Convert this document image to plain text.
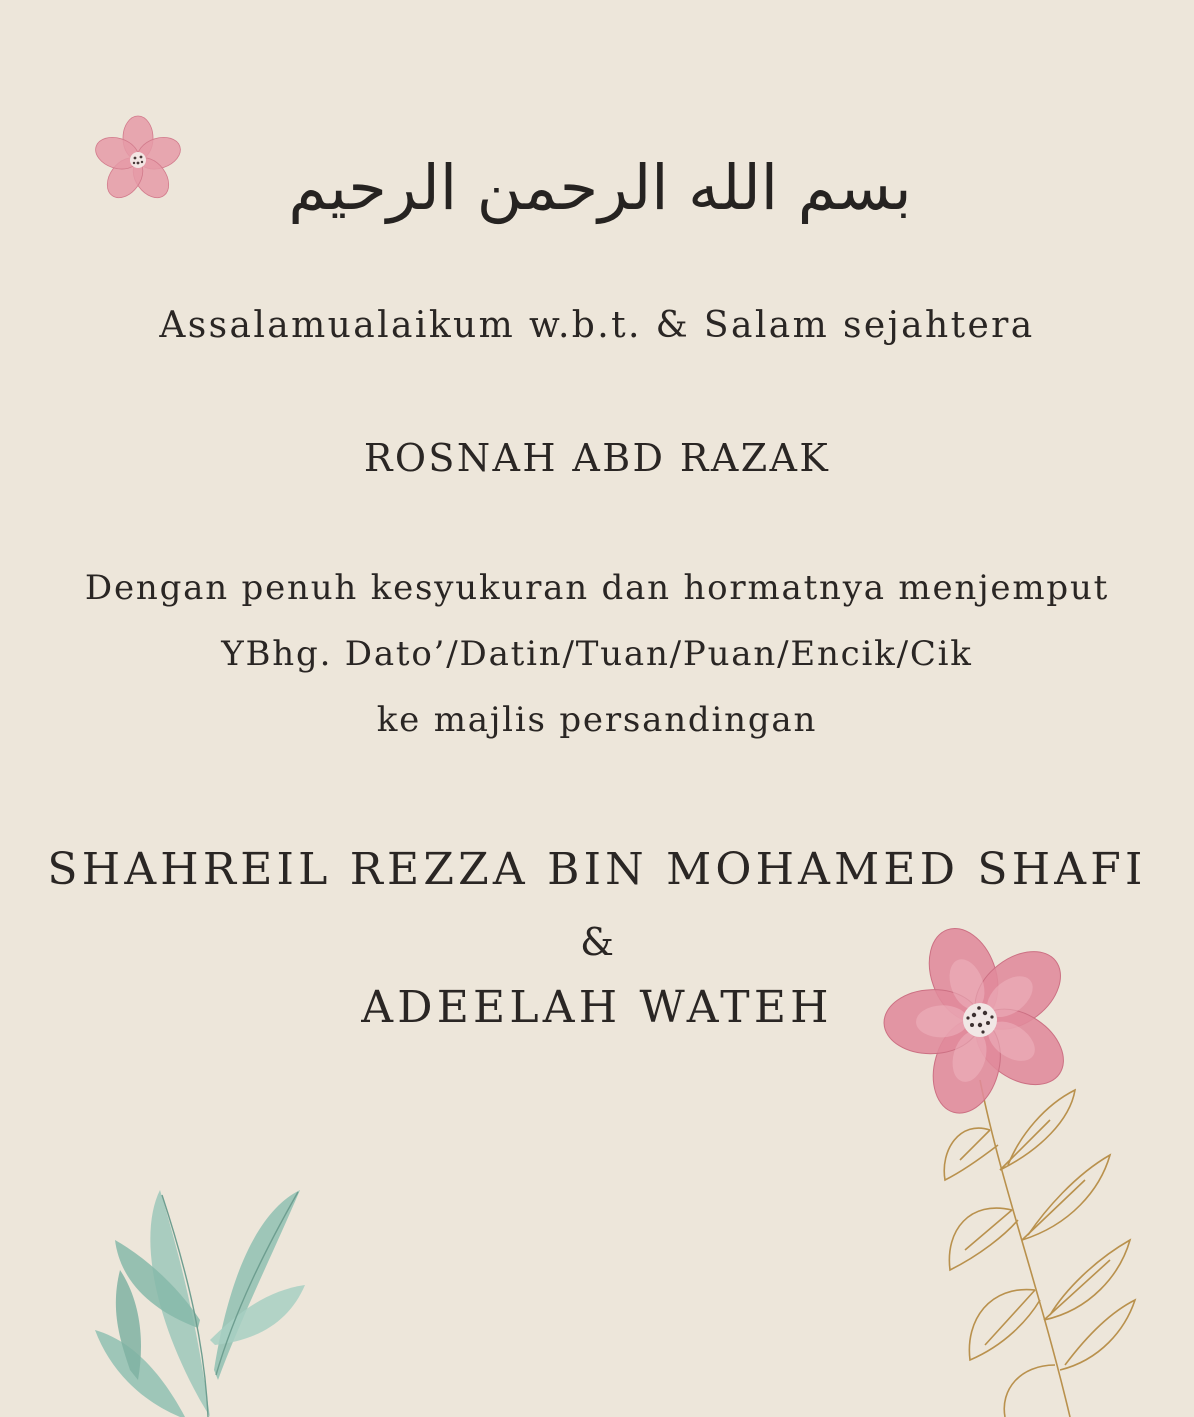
بسم الله الرحمن الرحيم
Assalamualaikum w.b.t. & Salam sejahtera
ROSNAH ABD RAZAK
Dengan penuh kesyukuran dan hormatnya menjemput
YBhg. Dato’/Datin/Tuan/Puan/Encik/Cik
ke majlis persandingan
SHAHREIL REZZA BIN MOHAMED SHAFI
&
ADEELAH WATEH
